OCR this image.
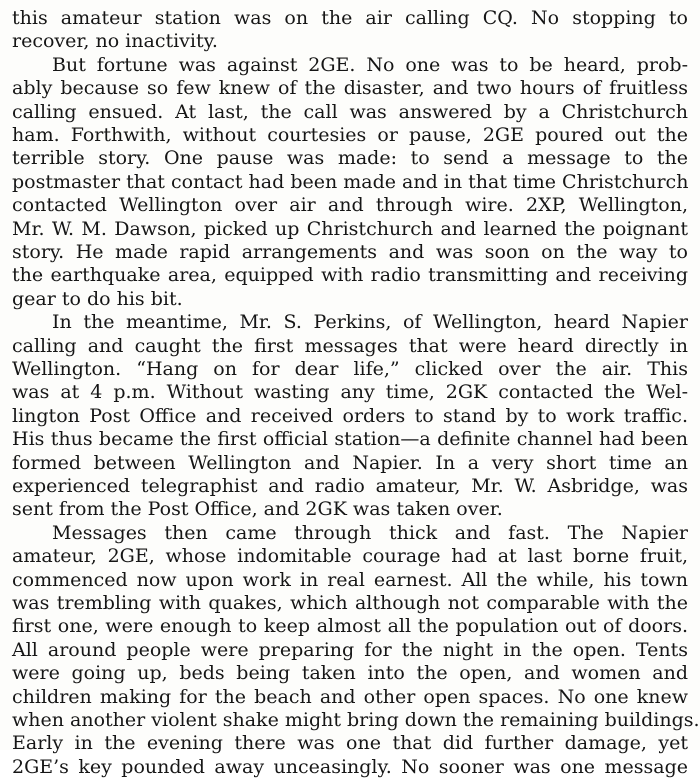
this amateur station was on the air calling CQ. No stopping to
recover, no inactivity.
But fortune was against 2GE. No one was to be heard, prob-
ably because so few knew of the disaster, and two hours of fruitless
calling ensued. At last, the call was answered by a Christchurch
ham. Forthwith, without courtesies or pause, 2GE poured out the
terrible story. One pause was made: to send a message to the
postmaster that contact had been made and in that time Christchurch
contacted Wellington over air and through wire. 2XP, Wellington,
Mr. W. M. Dawson, picked up Christchurch and learned the poignant
story. He made rapid arrangements and was soon on the way to
the earthquake area, equipped with radio transmitting and receiving
gear to do his bit.
In the meantime, Mr. S. Perkins, of Wellington, heard Napier
calling and caught the first messages that were heard directly in
Wellington. “Hang on for dear life,” clicked over the air. This
was at 4 p.m. Without wasting any time, 2GK contacted the Wel-
lington Post Office and received orders to stand by to work traffic.
His thus became the first official station—a definite channel had been
formed between Wellington and Napier. In a very short time an
experienced telegraphist and radio amateur, Mr. W. Asbridge, was
sent from the Post Office, and 2GK was taken over.
Messages then came through thick and fast. The Napier
amateur, 2GE, whose indomitable courage had at last borne fruit,
commenced now upon work in real earnest. All the while, his town
was trembling with quakes, which although not comparable with the
first one, were enough to keep almost all the population out of doors.
All around people were preparing for the night in the open. Tents
were going up, beds being taken into the open, and women and
children making for the beach and other open spaces. No one knew
when another violent shake might bring down the remaining buildings.
Early in the evening there was one that did further damage, yet
2GE’s key pounded away unceasingly. No sooner was one message
